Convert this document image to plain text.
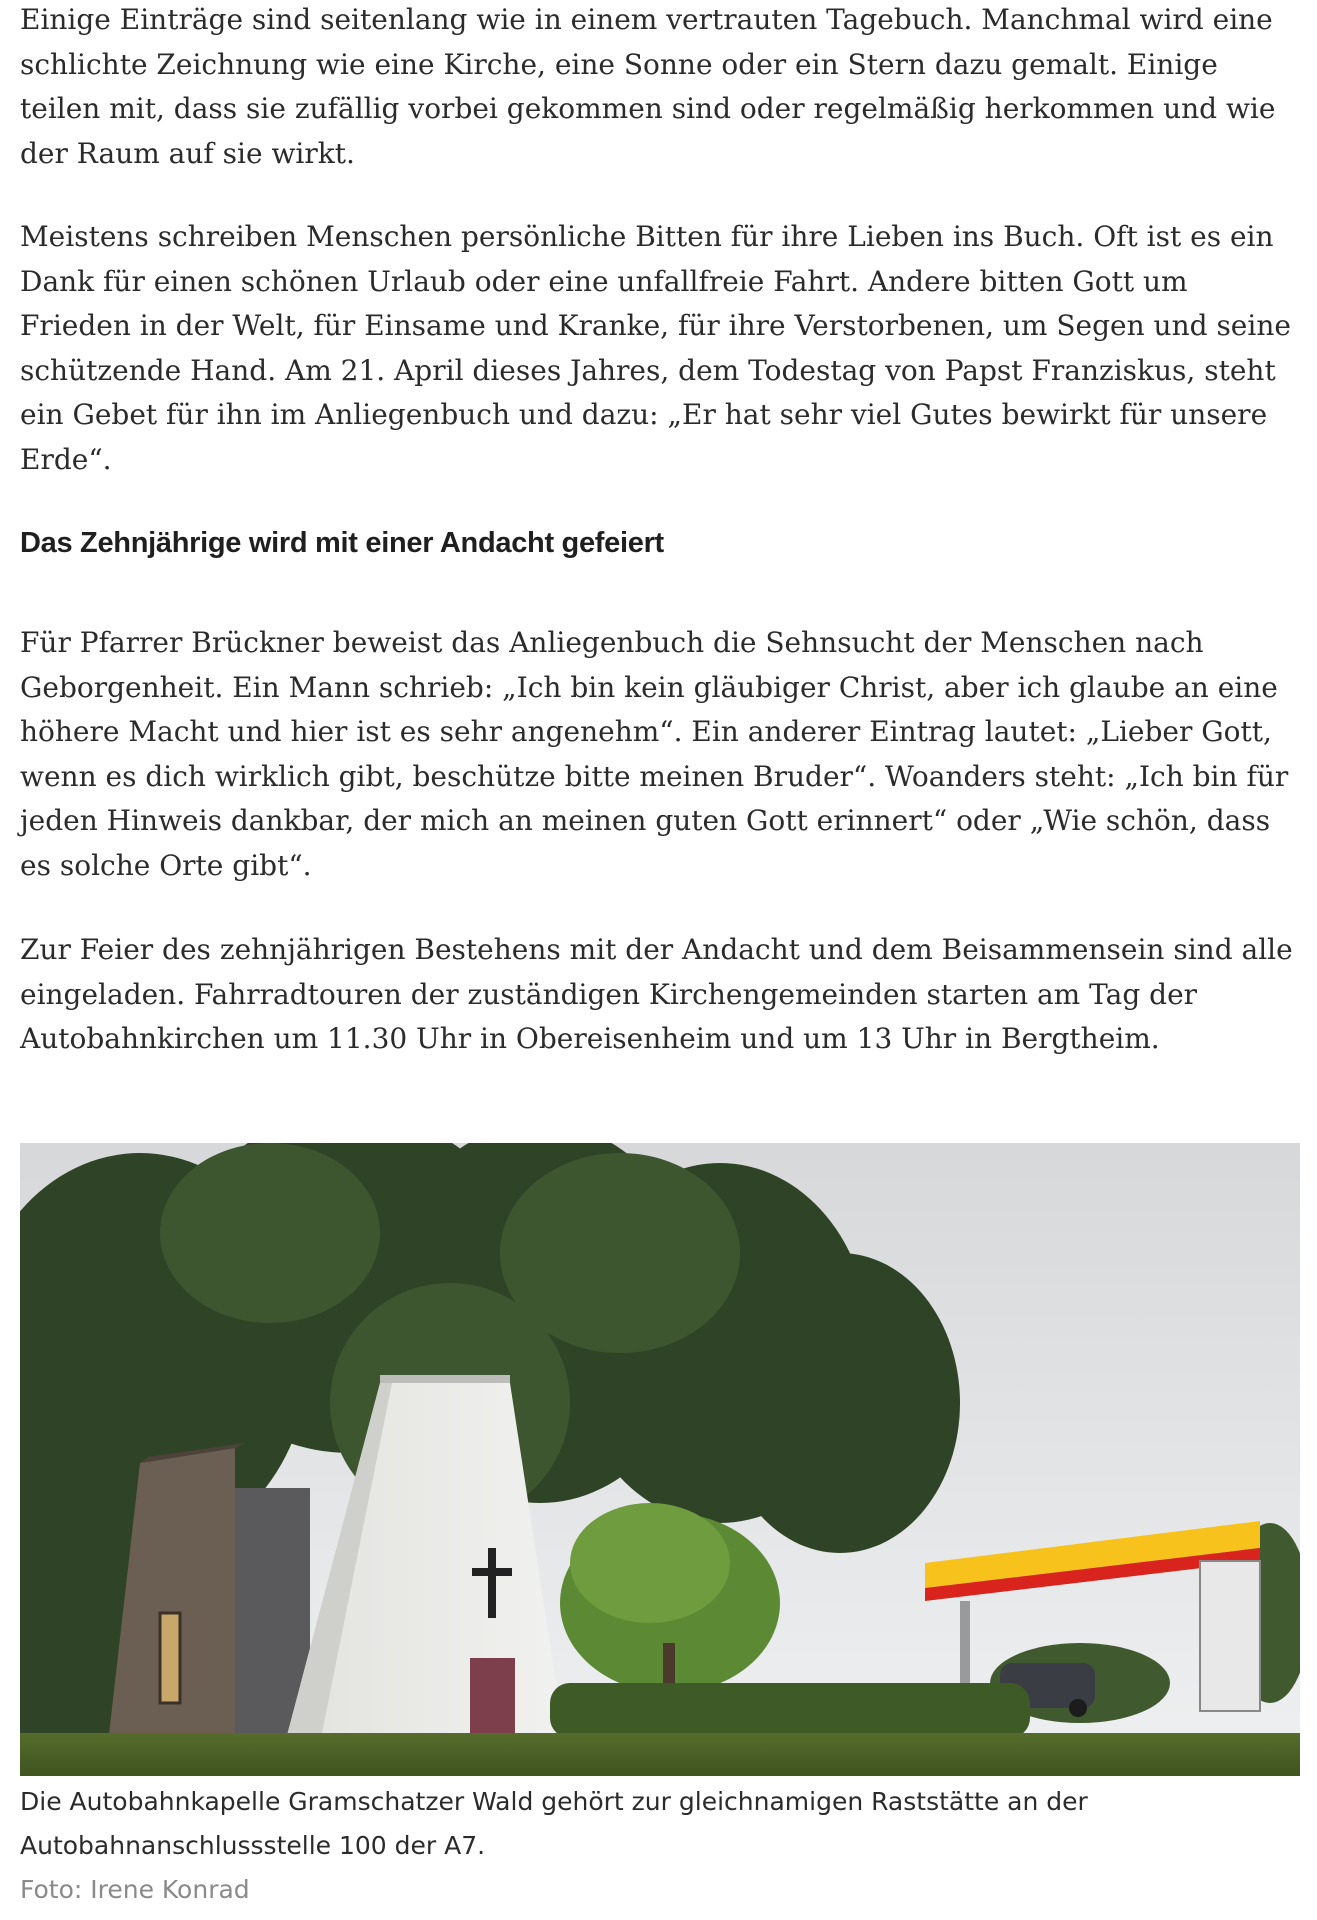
Einige Einträge sind seitenlang wie in einem vertrauten Tagebuch. Manchmal wird eine schlichte Zeichnung wie eine Kirche, eine Sonne oder ein Stern dazu gemalt. Einige teilen mit, dass sie zufällig vorbei gekommen sind oder regelmäßig herkommen und wie der Raum auf sie wirkt.

Meistens schreiben Menschen persönliche Bitten für ihre Lieben ins Buch. Oft ist es ein Dank für einen schönen Urlaub oder eine unfallfreie Fahrt. Andere bitten Gott um Frieden in der Welt, für Einsame und Kranke, für ihre Verstorbenen, um Segen und seine schützende Hand. Am 21. April dieses Jahres, dem Todestag von Papst Franziskus, steht ein Gebet für ihn im Anliegenbuch und dazu: „Er hat sehr viel Gutes bewirkt für unsere Erde“.

Das Zehnjährige wird mit einer Andacht gefeiert

Für Pfarrer Brückner beweist das Anliegenbuch die Sehnsucht der Menschen nach Geborgenheit. Ein Mann schrieb: „Ich bin kein gläubiger Christ, aber ich glaube an eine höhere Macht und hier ist es sehr angenehm“. Ein anderer Eintrag lautet: „Lieber Gott, wenn es dich wirklich gibt, beschütze bitte meinen Bruder“. Woanders steht: „Ich bin für jeden Hinweis dankbar, der mich an meinen guten Gott erinnert“ oder „Wie schön, dass es solche Orte gibt“.

Zur Feier des zehnjährigen Bestehens mit der Andacht und dem Beisammensein sind alle eingeladen. Fahrradtouren der zuständigen Kirchengemeinden starten am Tag der Autobahnkirchen um 11.30 Uhr in Obereisenheim und um 13 Uhr in Bergtheim.

Die Autobahnkapelle Gramschatzer Wald gehört zur gleichnamigen Raststätte an der Autobahnanschlussstelle 100 der A7.

Foto: Irene Konrad
